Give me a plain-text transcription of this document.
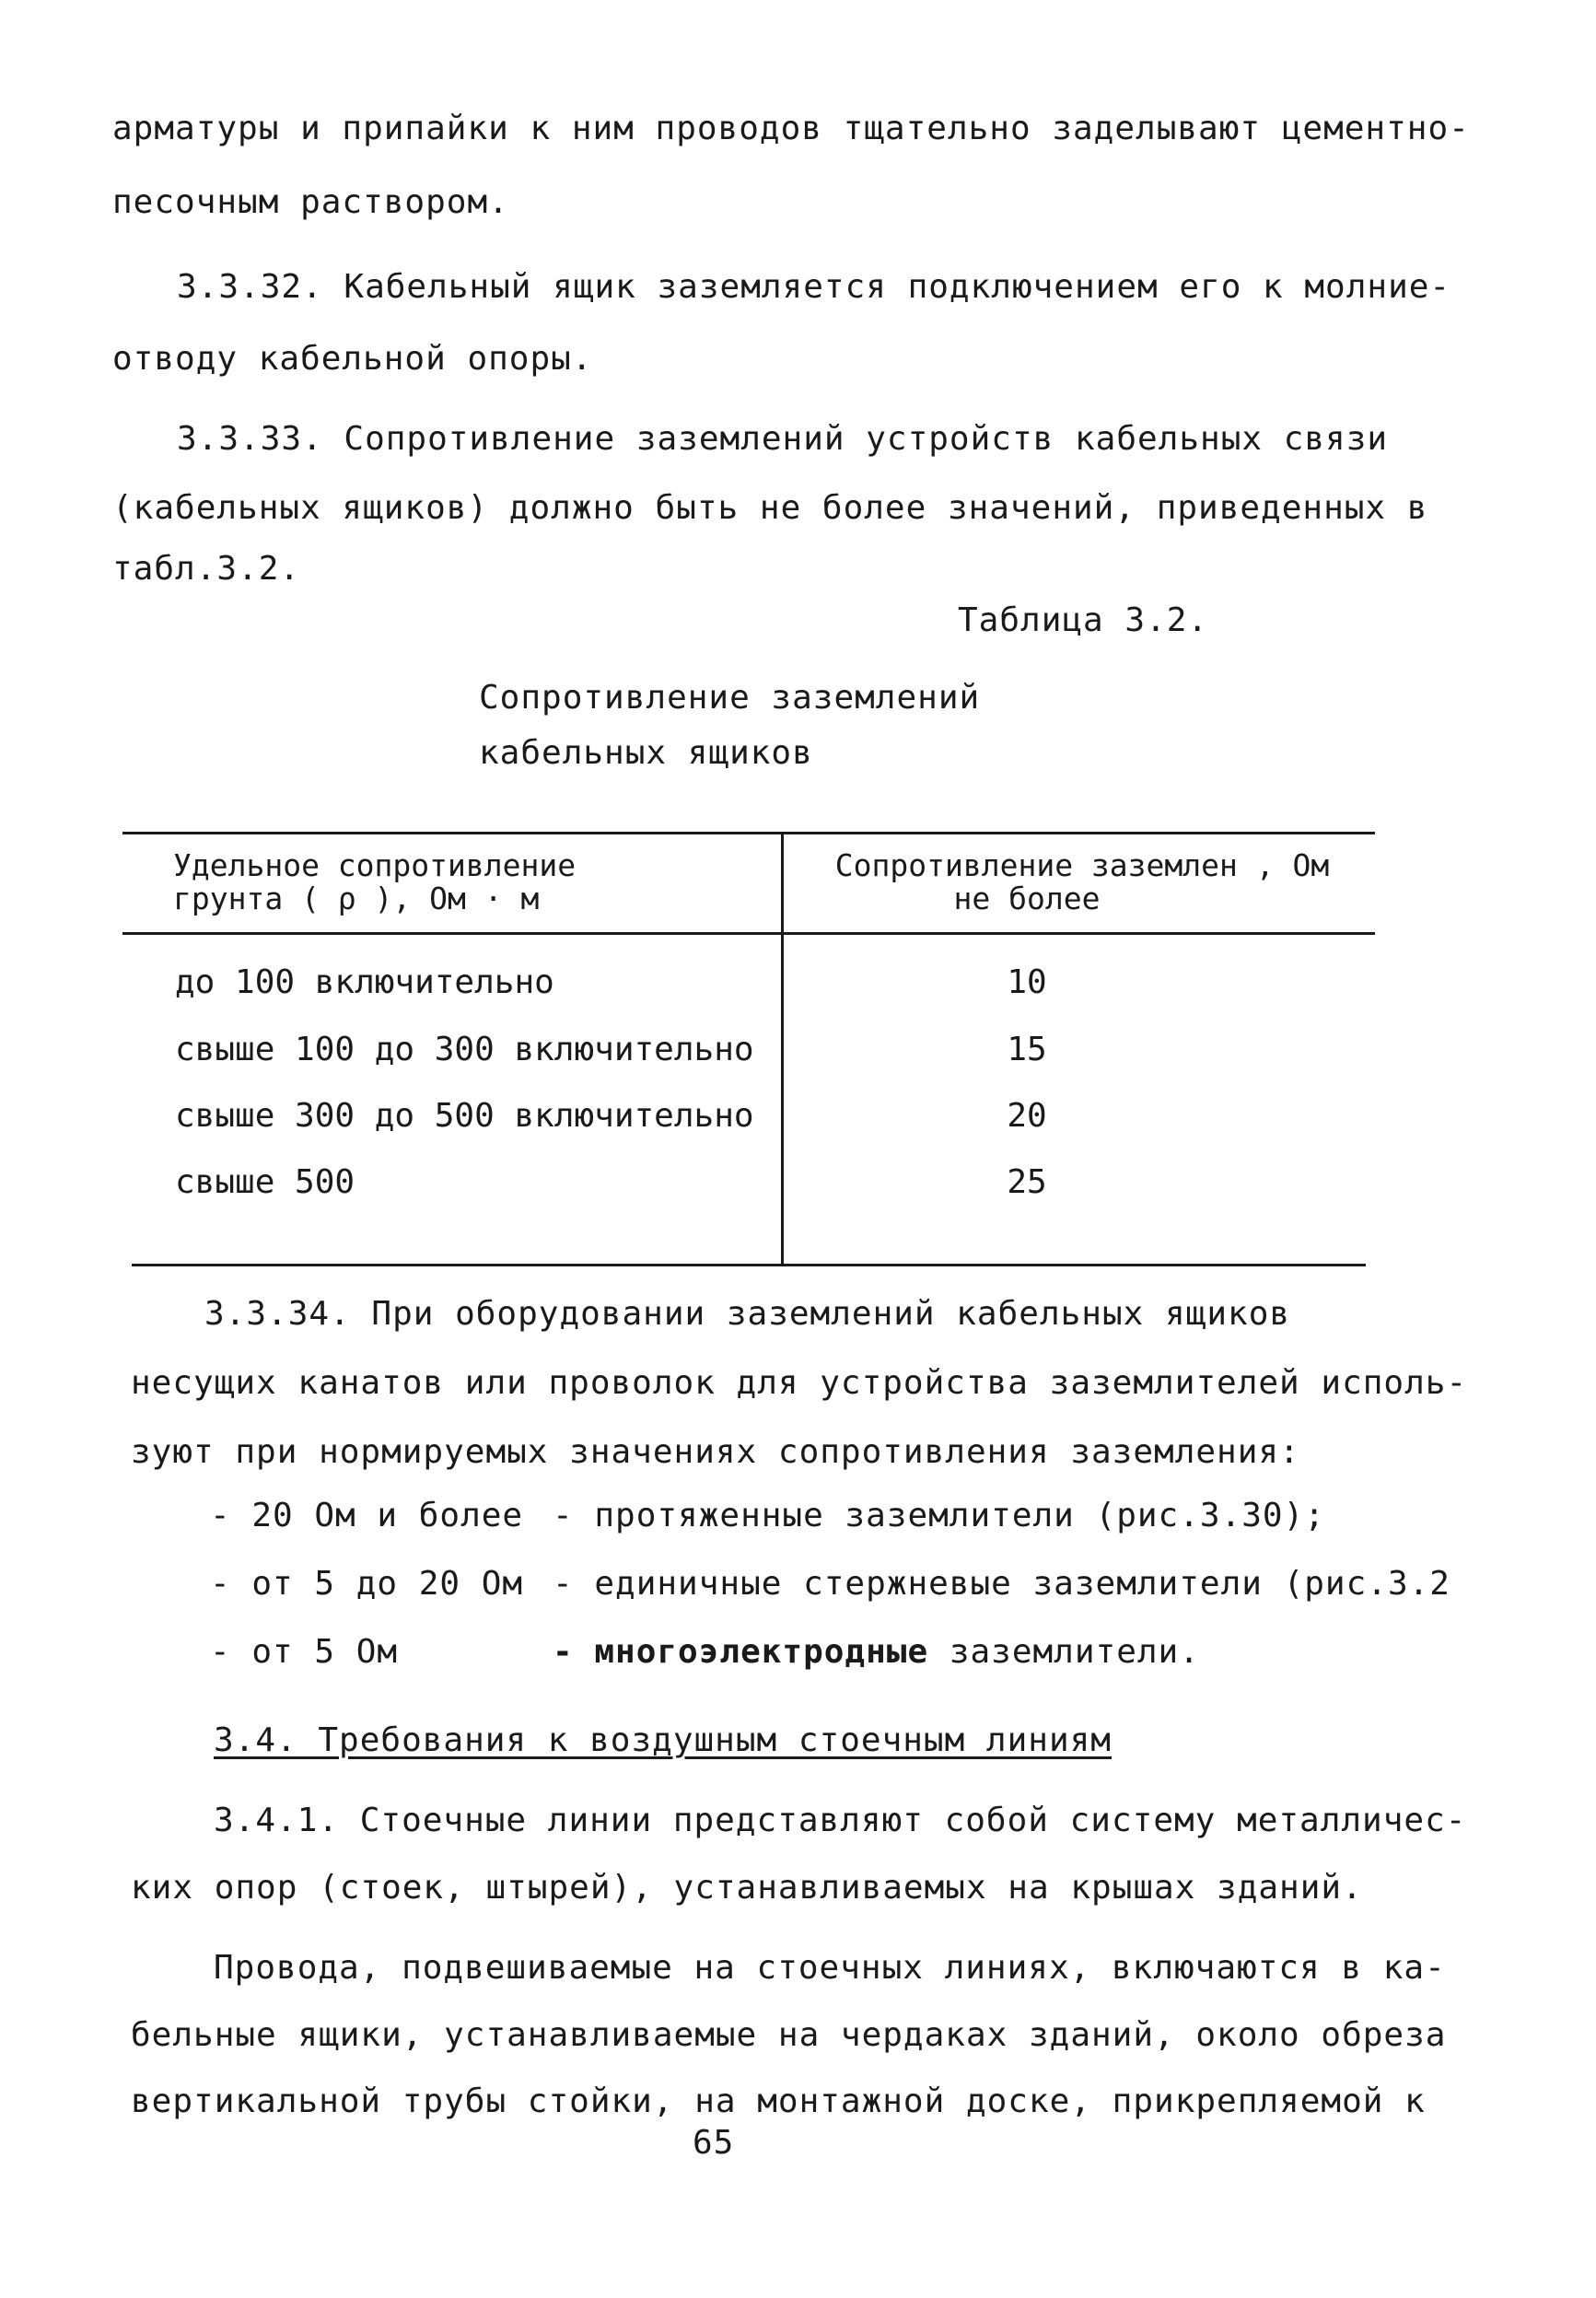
арматуры и припайки к ним проводов тщательно заделывают цементно-
песочным раствором.
3.3.32. Кабельный ящик заземляется подключением его к молние-
отводу кабельной опоры.
3.3.33. Сопротивление заземлений устройств кабельных связи
(кабельных ящиков) должно быть не более значений, приведенных в
табл.3.2.
Таблица 3.2.
Сопротивление заземлений
кабельных ящиков
Удельное сопротивление
грунта ( ρ ), Ом · м
Сопротивление заземлен , Ом
не более
до 100 включительно	10
свыше 100 до 300 включительно	15
свыше 300 до 500 включительно	20
свыше 500	25
3.3.34. При оборудовании заземлений кабельных ящиков
несущих канатов или проволок для устройства заземлителей исполь-
зуют при нормируемых значениях сопротивления заземления:
- 20 Ом и более - протяженные заземлители (рис.3.30);
- от 5 до 20 Ом - единичные стержневые заземлители (рис.3.2
- от 5 Ом	- многоэлектродные заземлители.
3.4. Требования к воздушным стоечным линиям
3.4.1. Стоечные линии представляют собой систему металличес-
ких опор (стоек, штырей), устанавливаемых на крышах зданий.
Провода, подвешиваемые на стоечных линиях, включаются в ка-
бельные ящики, устанавливаемые на чердаках зданий, около обреза
вертикальной трубы стойки, на монтажной доске, прикрепляемой к
65
